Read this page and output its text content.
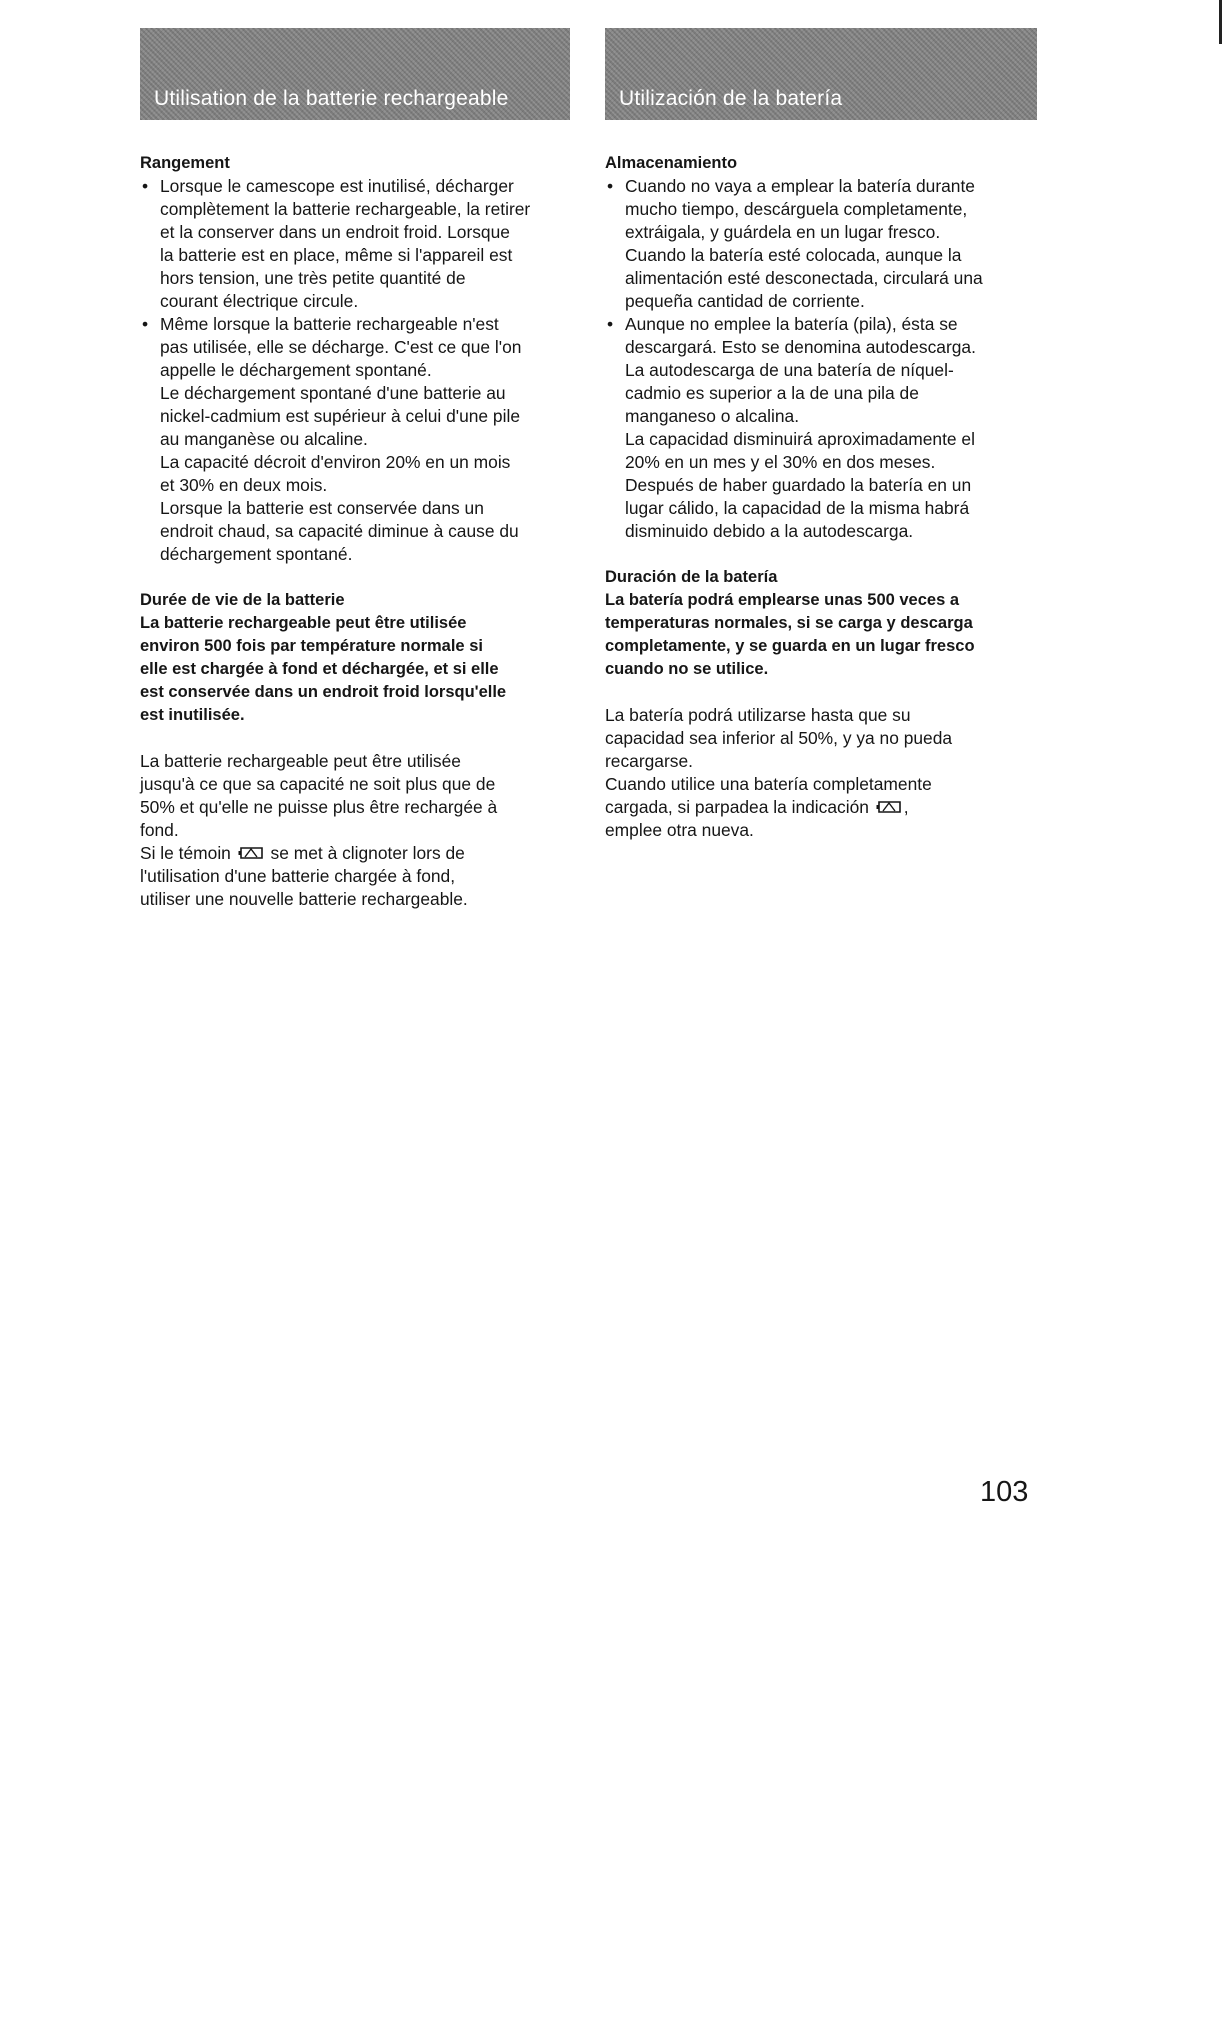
Utilisation de la batterie rechargeable
Rangement
• Lorsque le camescope est inutilisé, décharger
complètement la batterie rechargeable, la retirer
et la conserver dans un endroit froid. Lorsque
la batterie est en place, même si l'appareil est
hors tension, une très petite quantité de
courant électrique circule.
• Même lorsque la batterie rechargeable n'est
pas utilisée, elle se décharge. C'est ce que l'on
appelle le déchargement spontané.
Le déchargement spontané d'une batterie au
nickel-cadmium est supérieur à celui d'une pile
au manganèse ou alcaline.
La capacité décroit d'environ 20% en un mois
et 30% en deux mois.
Lorsque la batterie est conservée dans un
endroit chaud, sa capacité diminue à cause du
déchargement spontané.
Durée de vie de la batterie
La batterie rechargeable peut être utilisée
environ 500 fois par température normale si
elle est chargée à fond et déchargée, et si elle
est conservée dans un endroit froid lorsqu'elle
est inutilisée.
La batterie rechargeable peut être utilisée
jusqu'à ce que sa capacité ne soit plus que de
50% et qu'elle ne puisse plus être rechargée à
fond.
Si le témoin se met à clignoter lors de
l'utilisation d'une batterie chargée à fond,
utiliser une nouvelle batterie rechargeable.
Utilización de la batería
Almacenamiento
• Cuando no vaya a emplear la batería durante
mucho tiempo, descárguela completamente,
extráigala, y guárdela en un lugar fresco.
Cuando la batería esté colocada, aunque la
alimentación esté desconectada, circulará una
pequeña cantidad de corriente.
• Aunque no emplee la batería (pila), ésta se
descargará. Esto se denomina autodescarga.
La autodescarga de una batería de níquel-
cadmio es superior a la de una pila de
manganeso o alcalina.
La capacidad disminuirá aproximadamente el
20% en un mes y el 30% en dos meses.
Después de haber guardado la batería en un
lugar cálido, la capacidad de la misma habrá
disminuido debido a la autodescarga.
Duración de la batería
La batería podrá emplearse unas 500 veces a
temperaturas normales, si se carga y descarga
completamente, y se guarda en un lugar fresco
cuando no se utilice.
La batería podrá utilizarse hasta que su
capacidad sea inferior al 50%, y ya no pueda
recargarse.
Cuando utilice una batería completamente
cargada, si parpadea la indicación ,
emplee otra nueva.
103
